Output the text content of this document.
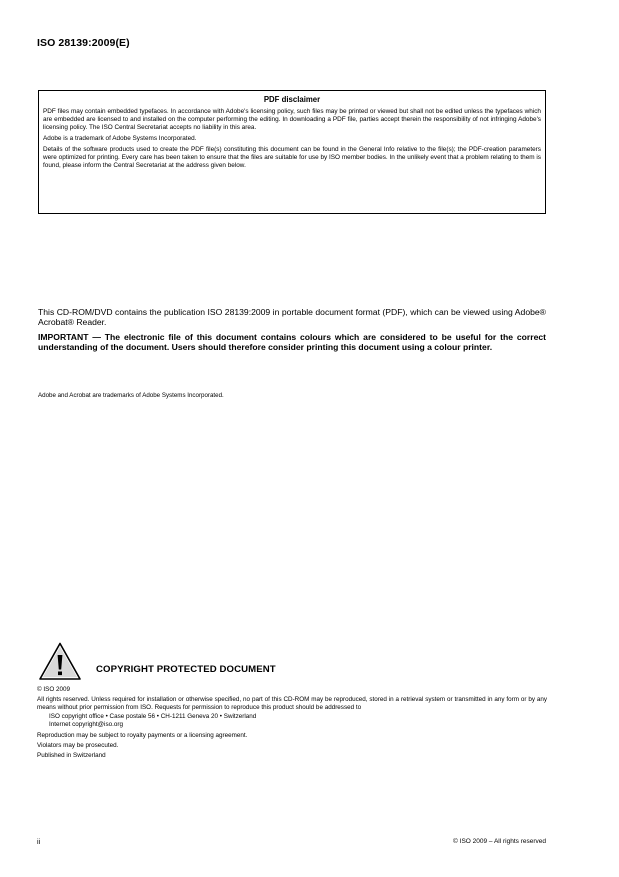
ISO 28139:2009(E)
PDF disclaimer

PDF files may contain embedded typefaces. In accordance with Adobe's licensing policy, such files may be printed or viewed but shall not be edited unless the typefaces which are embedded are licensed to and installed on the computer performing the editing. In downloading a PDF file, parties accept therein the responsibility of not infringing Adobe's licensing policy. The ISO Central Secretariat accepts no liability in this area.

Adobe is a trademark of Adobe Systems Incorporated.

Details of the software products used to create the PDF file(s) constituting this document can be found in the General Info relative to the file(s); the PDF-creation parameters were optimized for printing. Every care has been taken to ensure that the files are suitable for use by ISO member bodies. In the unlikely event that a problem relating to them is found, please inform the Central Secretariat at the address given below.

This CD-ROM/DVD contains the publication ISO 28139:2009 in portable document format (PDF), which can be viewed using Adobe® Acrobat® Reader.

IMPORTANT — The electronic file of this document contains colours which are considered to be useful for the correct understanding of the document. Users should therefore consider printing this document using a colour printer.

Adobe and Acrobat are trademarks of Adobe Systems Incorporated.
COPYRIGHT PROTECTED DOCUMENT

© ISO 2009

All rights reserved. Unless required for installation or otherwise specified, no part of this CD-ROM may be reproduced, stored in a retrieval system or transmitted in any form or by any means without prior permission from ISO. Requests for permission to reproduce this product should be addressed to

ISO copyright office • Case postale 56 • CH-1211 Geneva 20 • Switzerland

Internet copyright@iso.org

Reproduction may be subject to royalty payments or a licensing agreement.

Violators may be prosecuted.

Published in Switzerland

ii	© ISO 2009 – All rights reserved
